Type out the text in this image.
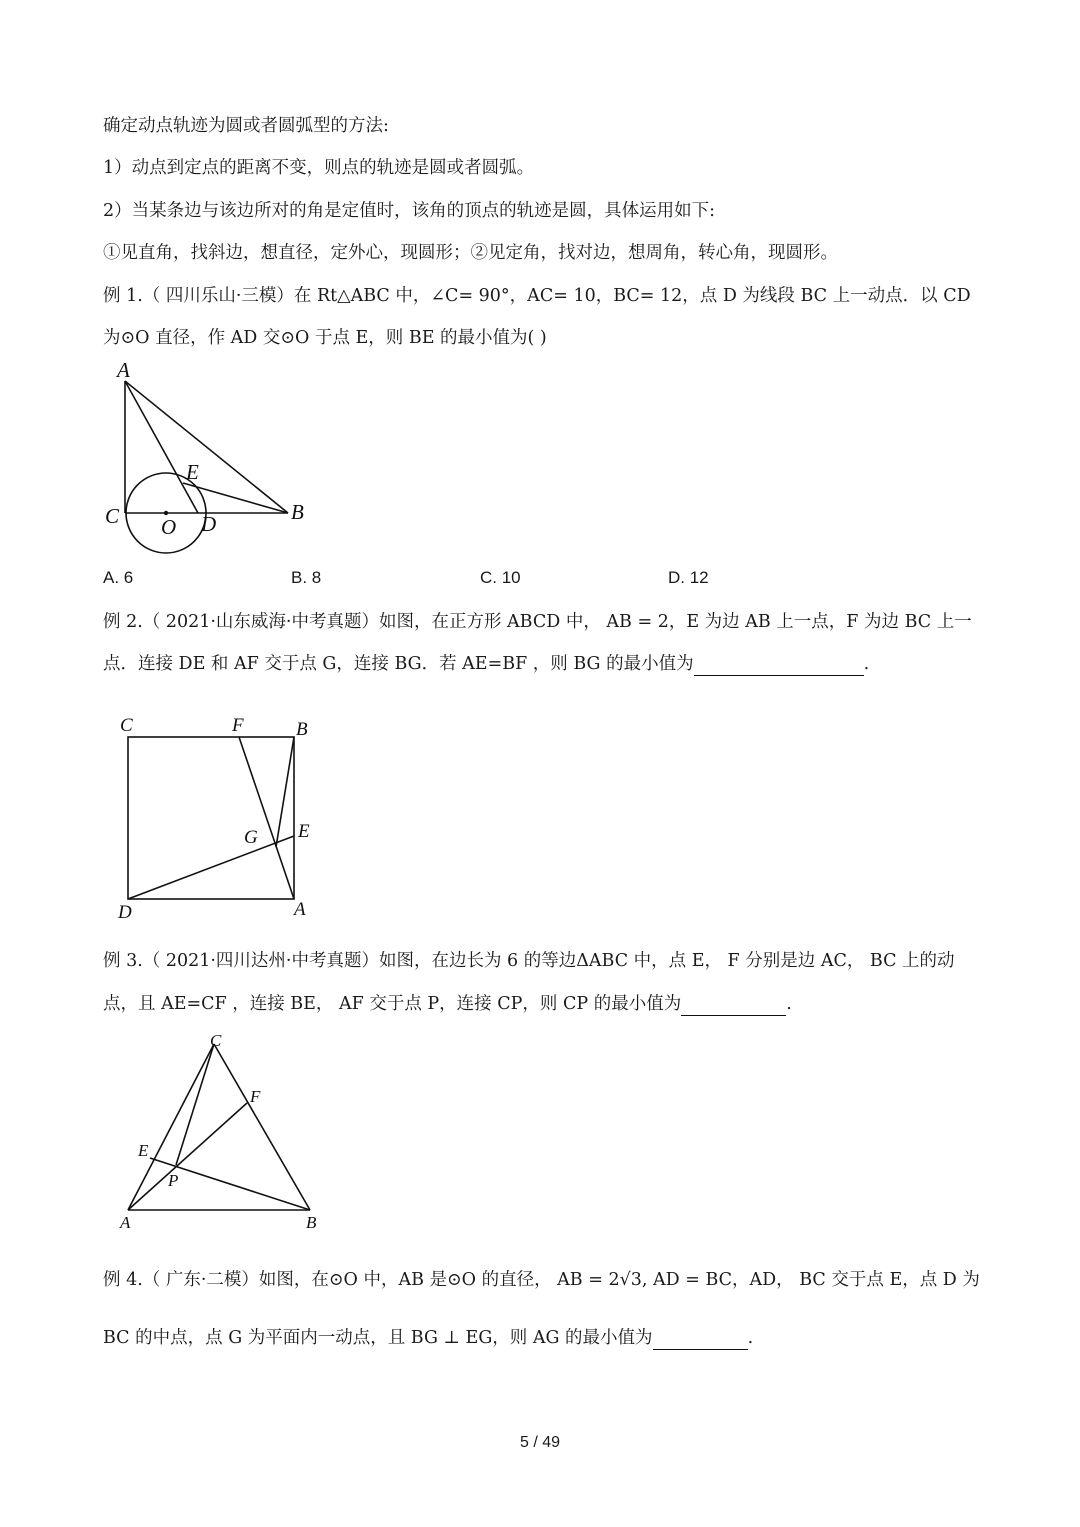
确定动点轨迹为圆或者圆弧型的方法:
1）动点到定点的距离不变，则点的轨迹是圆或者圆弧。
2）当某条边与该边所对的角是定值时，该角的顶点的轨迹是圆，具体运用如下:
①见直角，找斜边，想直径，定外心，现圆形；②见定角，找对边，想周角，转心角，现圆形。
例 1.（ 四川乐山·三模）在 Rt△ABC 中，∠C= 90°，AC= 10，BC= 12，点 D 为线段 BC 上一动点．以 CD
为⊙O 直径，作 AD 交⊙O 于点 E，则 BE 的最小值为( )
A
E
C O D	B
A. 6	B. 8	C. 10	D. 12
例 2.（ 2021·山东威海·中考真题）如图，在正方形 ABCD 中， AB = 2，E 为边 AB 上一点，F 为边 BC 上一
点．连接 DE 和 AF 交于点 G，连接 BG．若 AE=BF ，则 BG 的最小值为	.
C	F	B
E
G
D	A
例 3.（ 2021·四川达州·中考真题）如图，在边长为 6 的等边ΔABC 中，点 E， F 分别是边 AC， BC 上的动
点，且 AE=CF ，连接 BE， AF 交于点 P，连接 CP，则 CP 的最小值为	.
C
F
E
P
A	B
例 4.（ 广东·二模）如图，在⊙O 中，AB 是⊙O 的直径， AB = 2√3, AD = BC，AD， BC 交于点 E，点 D 为
BC 的中点，点 G 为平面内一动点，且 BG ⊥ EG，则 AG 的最小值为	.
5 / 49
